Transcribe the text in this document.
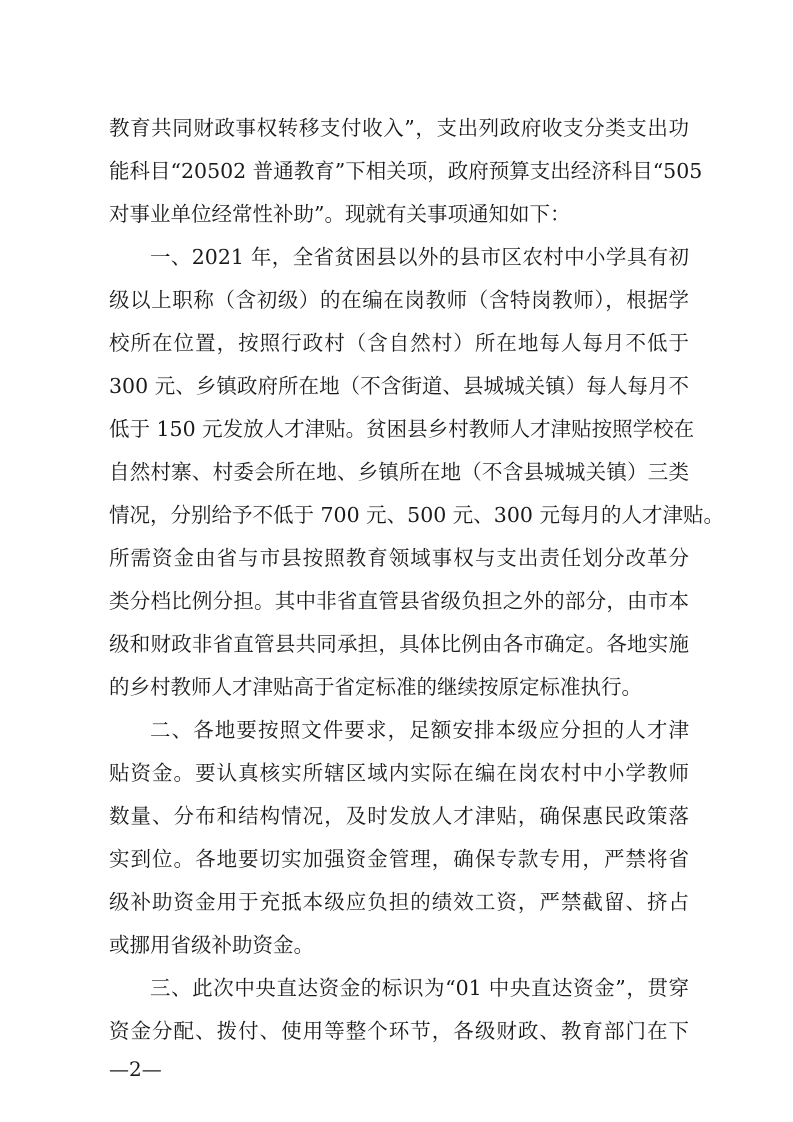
教育共同财政事权转移支付收入”，支出列政府收支分类支出功
能科目“20502 普通教育”下相关项，政府预算支出经济科目“505
对事业单位经常性补助”。现就有关事项通知如下：
一、2021 年，全省贫困县以外的县市区农村中小学具有初
级以上职称（含初级）的在编在岗教师（含特岗教师），根据学
校所在位置，按照行政村（含自然村）所在地每人每月不低于
300 元、乡镇政府所在地（不含街道、县城城关镇）每人每月不
低于 150 元发放人才津贴。贫困县乡村教师人才津贴按照学校在
自然村寨、村委会所在地、乡镇所在地（不含县城城关镇）三类
情况，分别给予不低于 700 元、500 元、300 元每月的人才津贴。
所需资金由省与市县按照教育领域事权与支出责任划分改革分
类分档比例分担。其中非省直管县省级负担之外的部分，由市本
级和财政非省直管县共同承担，具体比例由各市确定。各地实施
的乡村教师人才津贴高于省定标准的继续按原定标准执行。
二、各地要按照文件要求，足额安排本级应分担的人才津
贴资金。要认真核实所辖区域内实际在编在岗农村中小学教师
数量、分布和结构情况，及时发放人才津贴，确保惠民政策落
实到位。各地要切实加强资金管理，确保专款专用，严禁将省
级补助资金用于充抵本级应负担的绩效工资，严禁截留、挤占
或挪用省级补助资金。
三、此次中央直达资金的标识为“01 中央直达资金”，贯穿
资金分配、拨付、使用等整个环节，各级财政、教育部门在下
—2—
